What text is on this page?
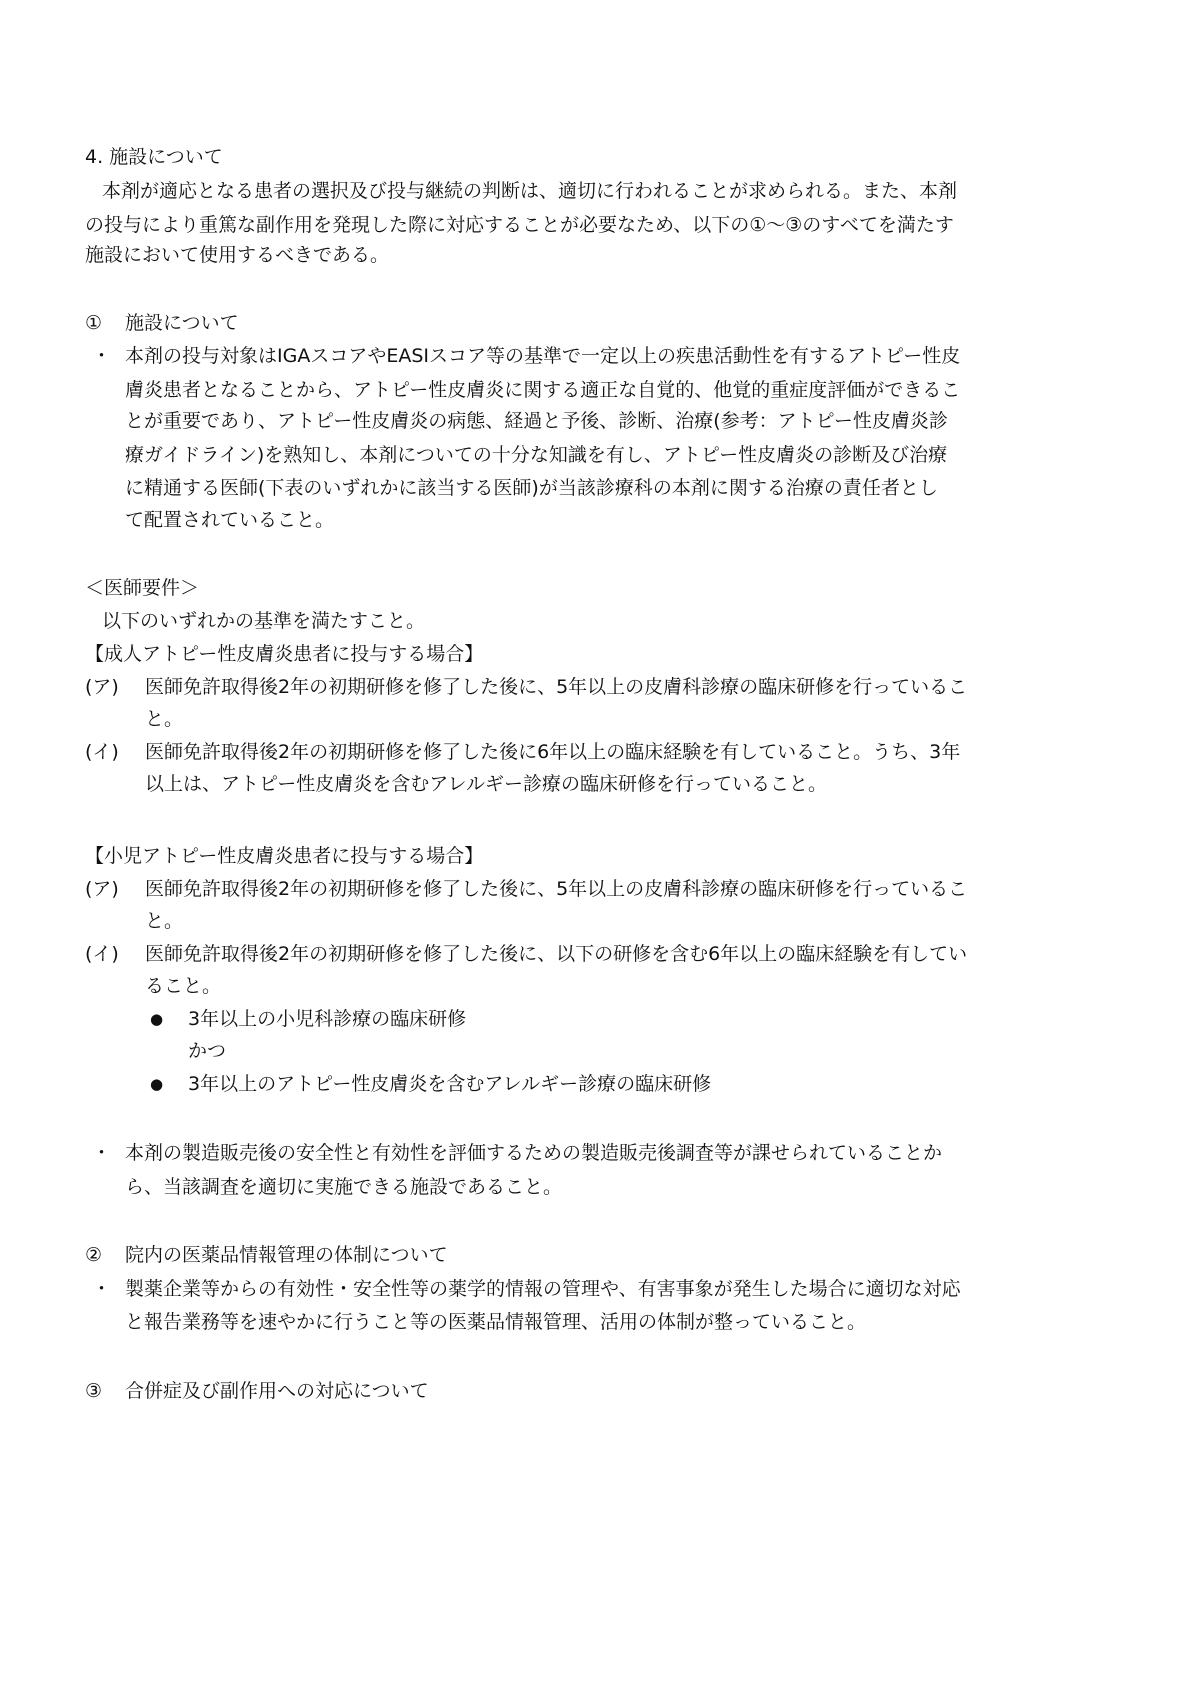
4. 施設について
本剤が適応となる患者の選択及び投与継続の判断は、適切に行われることが求められる。また、本剤
の投与により重篤な副作用を発現した際に対応することが必要なため、以下の①～③のすべてを満たす
施設において使用するべきである。
① 施設について
・ 本剤の投与対象はIGAスコアやEASIスコア等の基準で一定以上の疾患活動性を有するアトピー性皮
膚炎患者となることから、アトピー性皮膚炎に関する適正な自覚的、他覚的重症度評価ができるこ
とが重要であり、アトピー性皮膚炎の病態、経過と予後、診断、治療(参考：アトピー性皮膚炎診
療ガイドライン)を熟知し、本剤についての十分な知識を有し、アトピー性皮膚炎の診断及び治療
に精通する医師(下表のいずれかに該当する医師)が当該診療科の本剤に関する治療の責任者とし
て配置されていること。
＜医師要件＞
以下のいずれかの基準を満たすこと。
【成人アトピー性皮膚炎患者に投与する場合】
(ア) 医師免許取得後2年の初期研修を修了した後に、5年以上の皮膚科診療の臨床研修を行っているこ
と。
(イ) 医師免許取得後2年の初期研修を修了した後に6年以上の臨床経験を有していること。うち、3年
以上は、アトピー性皮膚炎を含むアレルギー診療の臨床研修を行っていること。
【小児アトピー性皮膚炎患者に投与する場合】
(ア) 医師免許取得後2年の初期研修を修了した後に、5年以上の皮膚科診療の臨床研修を行っているこ
と。
(イ) 医師免許取得後2年の初期研修を修了した後に、以下の研修を含む6年以上の臨床経験を有してい
ること。
● 3年以上の小児科診療の臨床研修
かつ
● 3年以上のアトピー性皮膚炎を含むアレルギー診療の臨床研修
・ 本剤の製造販売後の安全性と有効性を評価するための製造販売後調査等が課せられていることか
ら、当該調査を適切に実施できる施設であること。
② 院内の医薬品情報管理の体制について
・ 製薬企業等からの有効性・安全性等の薬学的情報の管理や、有害事象が発生した場合に適切な対応
と報告業務等を速やかに行うこと等の医薬品情報管理、活用の体制が整っていること。
③ 合併症及び副作用への対応について
